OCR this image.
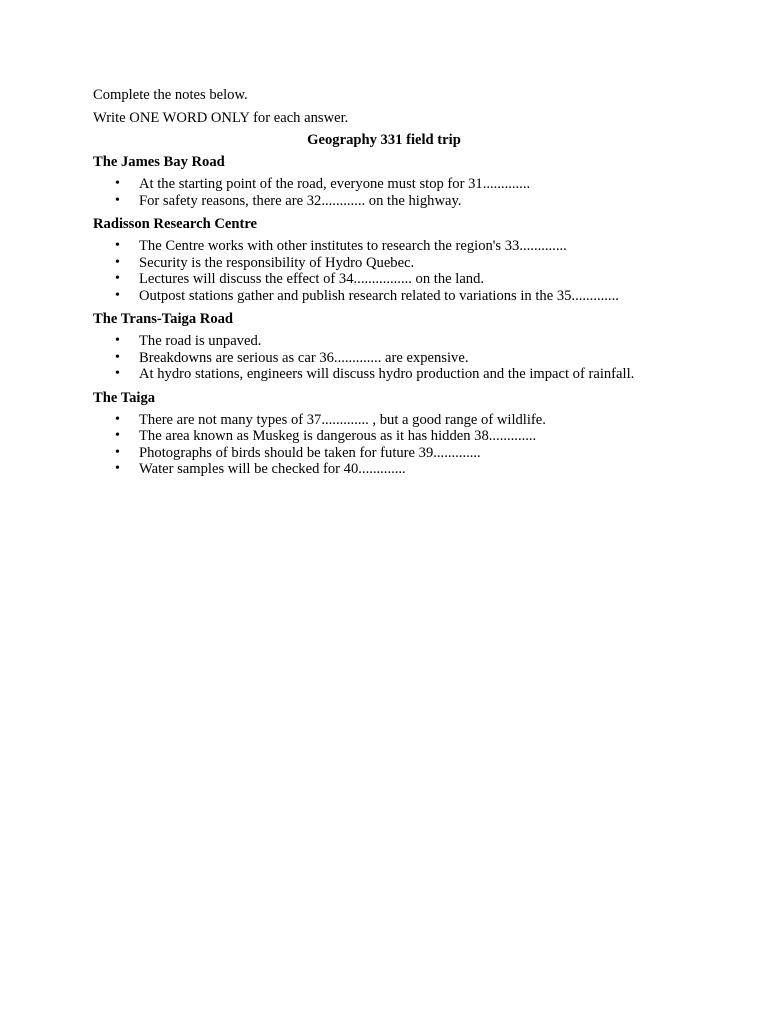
Complete the notes below.

Write ONE WORD ONLY for each answer.

Geography 331 field trip

The James Bay Road

• At the starting point of the road, everyone must stop for 31.............
• For safety reasons, there are 32............ on the highway.

Radisson Research Centre

• The Centre works with other institutes to research the region's 33.............
• Security is the responsibility of Hydro Quebec.
• Lectures will discuss the effect of 34................ on the land.
• Outpost stations gather and publish research related to variations in the 35.............

The Trans-Taiga Road

• The road is unpaved.
• Breakdowns are serious as car 36............. are expensive.
• At hydro stations, engineers will discuss hydro production and the impact of rainfall.

The Taiga

• There are not many types of 37............. , but a good range of wildlife.
• The area known as Muskeg is dangerous as it has hidden 38.............
• Photographs of birds should be taken for future 39.............
• Water samples will be checked for 40.............
